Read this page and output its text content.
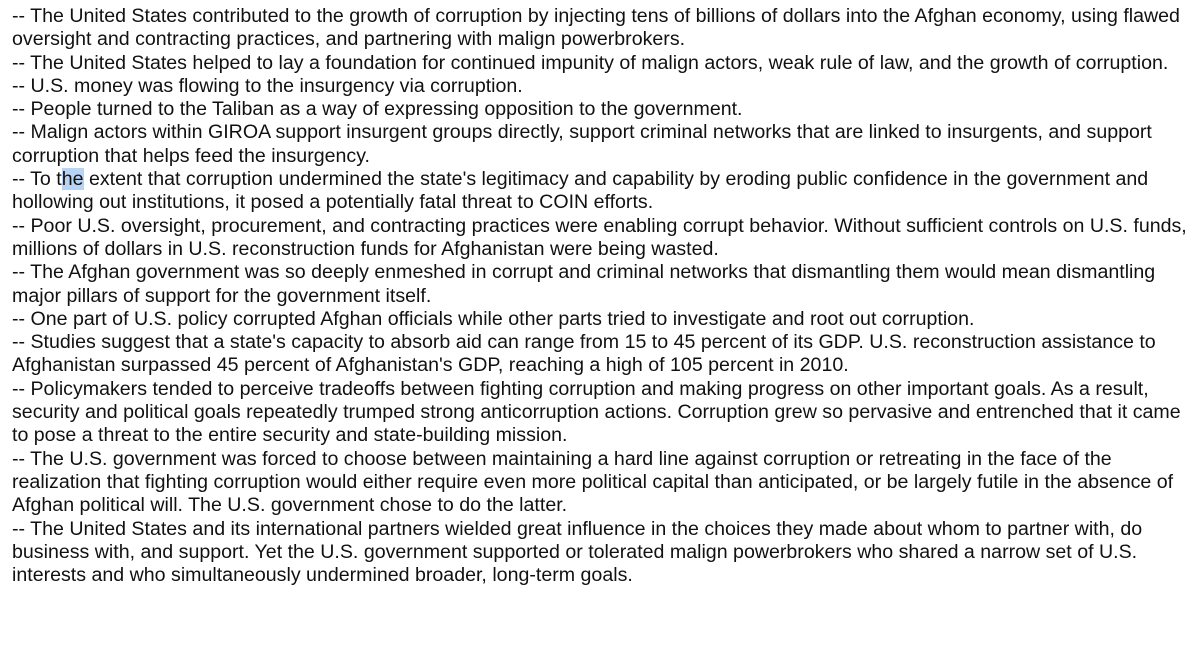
-- The United States contributed to the growth of corruption by injecting tens of billions of dollars into the Afghan economy, using flawed oversight and contracting practices, and partnering with malign powerbrokers.

-- The United States helped to lay a foundation for continued impunity of malign actors, weak rule of law, and the growth of corruption.

-- U.S. money was flowing to the insurgency via corruption.

-- People turned to the Taliban as a way of expressing opposition to the government.

-- Malign actors within GIROA support insurgent groups directly, support criminal networks that are linked to insurgents, and support corruption that helps feed the insurgency.

-- To the extent that corruption undermined the state's legitimacy and capability by eroding public confidence in the government and hollowing out institutions, it posed a potentially fatal threat to COIN efforts.

-- Poor U.S. oversight, procurement, and contracting practices were enabling corrupt behavior. Without sufficient controls on U.S. funds, millions of dollars in U.S. reconstruction funds for Afghanistan were being wasted.

-- The Afghan government was so deeply enmeshed in corrupt and criminal networks that dismantling them would mean dismantling major pillars of support for the government itself.

-- One part of U.S. policy corrupted Afghan officials while other parts tried to investigate and root out corruption.

-- Studies suggest that a state's capacity to absorb aid can range from 15 to 45 percent of its GDP. U.S. reconstruction assistance to Afghanistan surpassed 45 percent of Afghanistan's GDP, reaching a high of 105 percent in 2010.

-- Policymakers tended to perceive tradeoffs between fighting corruption and making progress on other important goals. As a result, security and political goals repeatedly trumped strong anticorruption actions. Corruption grew so pervasive and entrenched that it came to pose a threat to the entire security and state-building mission.

-- The U.S. government was forced to choose between maintaining a hard line against corruption or retreating in the face of the realization that fighting corruption would either require even more political capital than anticipated, or be largely futile in the absence of Afghan political will. The U.S. government chose to do the latter.

-- The United States and its international partners wielded great influence in the choices they made about whom to partner with, do business with, and support. Yet the U.S. government supported or tolerated malign powerbrokers who shared a narrow set of U.S. interests and who simultaneously undermined broader, long-term goals.
